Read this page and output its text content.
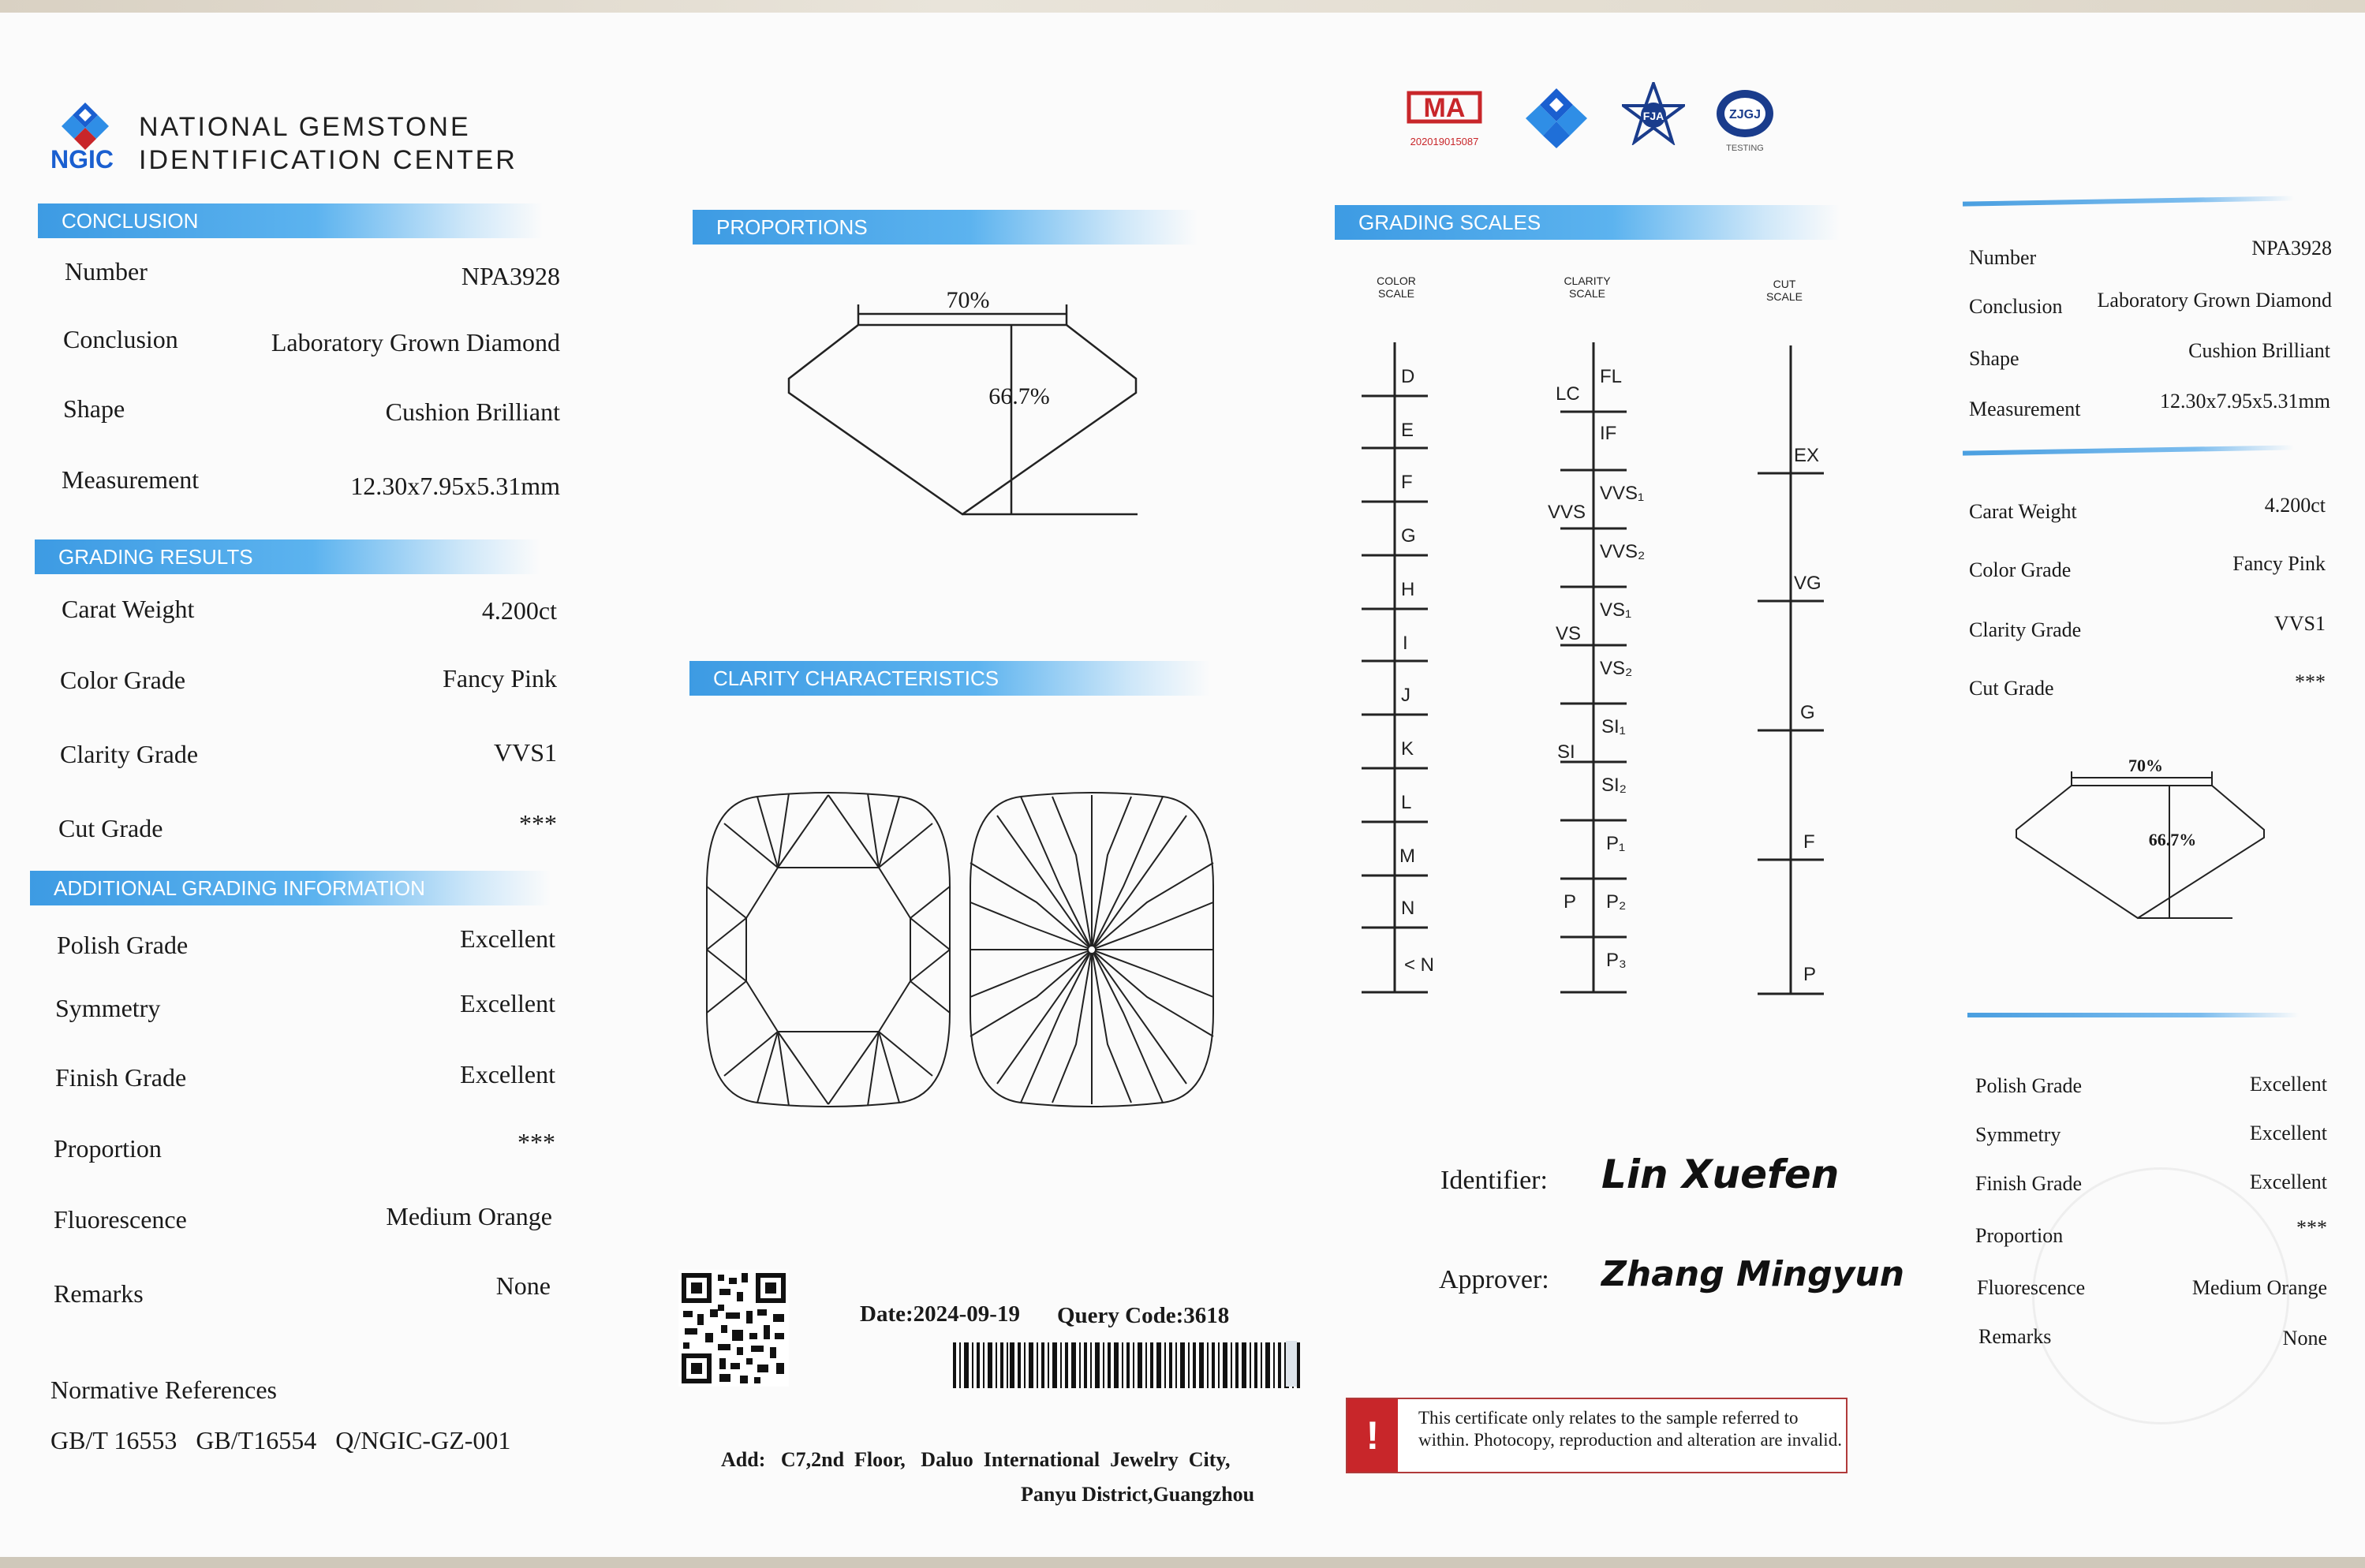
NATIONAL GEMSTONE
NGIC IDENTIFICATION CENTER
MA
202019015087
FJA	ZJGJ
TESTING
CONCLUSION
Number	NPA3928
Conclusion	Laboratory Grown Diamond
Shape	Cushion Brilliant
Measurement	12.30x7.95x5.31mm
GRADING RESULTS
Carat Weight	4.200ct
Color Grade	Fancy Pink
Clarity Grade	VVS1
Cut Grade	***
ADDITIONAL GRADING INFORMATION
Polish Grade	Excellent
Symmetry	Excellent
Finish Grade	Excellent
Proportion	***
Fluorescence	Medium Orange
Remarks	None
Normative References
GB/T 16553   GB/T16554   Q/NGIC-GZ-001
PROPORTIONS
70%
66.7%
CLARITY CHARACTERISTICS
Date:2024-09-19 Query Code:3618
Add:   C7,2nd  Floor,   Daluo  International  Jewelry  City,
Panyu District,Guangzhou
GRADING SCALES
COLOR
SCALE
CLARITY
SCALE
CUT
SCALE
D
E
F
G
H
I
J
K
L
M
N
< N
LC
VVS
VS
SI
P
FL
IF
VVS₁
VVS₂
VS₁
VS₂
SI₁
SI₂
P₁
P₂
P₃
EX
VG
G
F
P
Identifier: Lin Xuefen
Approver: Zhang Mingyun
!	This certificate only relates to the sample referred to within. Photocopy, reproduction and alteration are invalid.
Number	NPA3928
Conclusion Laboratory Grown Diamond
Shape	Cushion Brilliant
Measurement	12.30x7.95x5.31mm
Carat Weight	4.200ct
Color Grade	Fancy Pink
Clarity Grade	VVS1
Cut Grade	***
70%
66.7%
Polish Grade	Excellent
Symmetry	Excellent
Finish Grade	Excellent
Proportion	***
Fluorescence	Medium Orange
Remarks	None
